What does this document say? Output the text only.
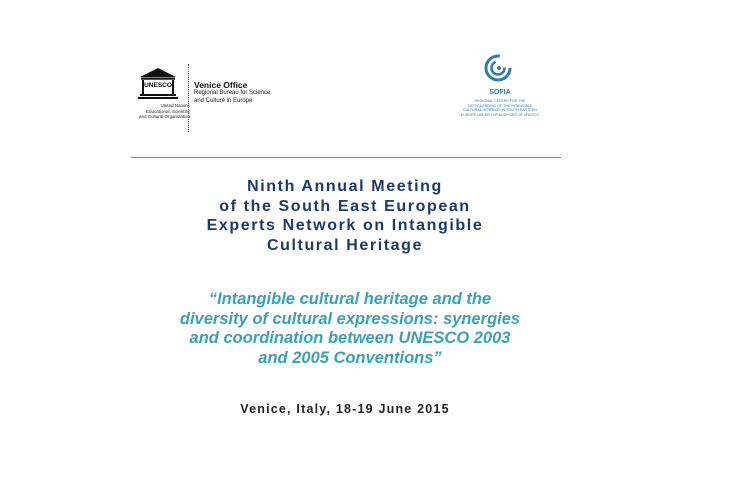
UNESCO
United Nations Educational, Scientific and Cultural Organization
Venice Office
Regional Bureau for Science
and Culture in Europe
SOFIA
REGIONAL CENTRE FOR THE SAFEGUARDING OF THE INTANGIBLE CULTURAL HERITAGE IN SOUTH-EASTERN EUROPE UNDER THE AUSPICES OF UNESCO
Ninth Annual Meeting
of the South East European
Experts Network on Intangible
Cultural Heritage
“Intangible cultural heritage and the
diversity of cultural expressions: synergies
and coordination between UNESCO 2003
and 2005 Conventions”
Venice, Italy, 18-19 June 2015
